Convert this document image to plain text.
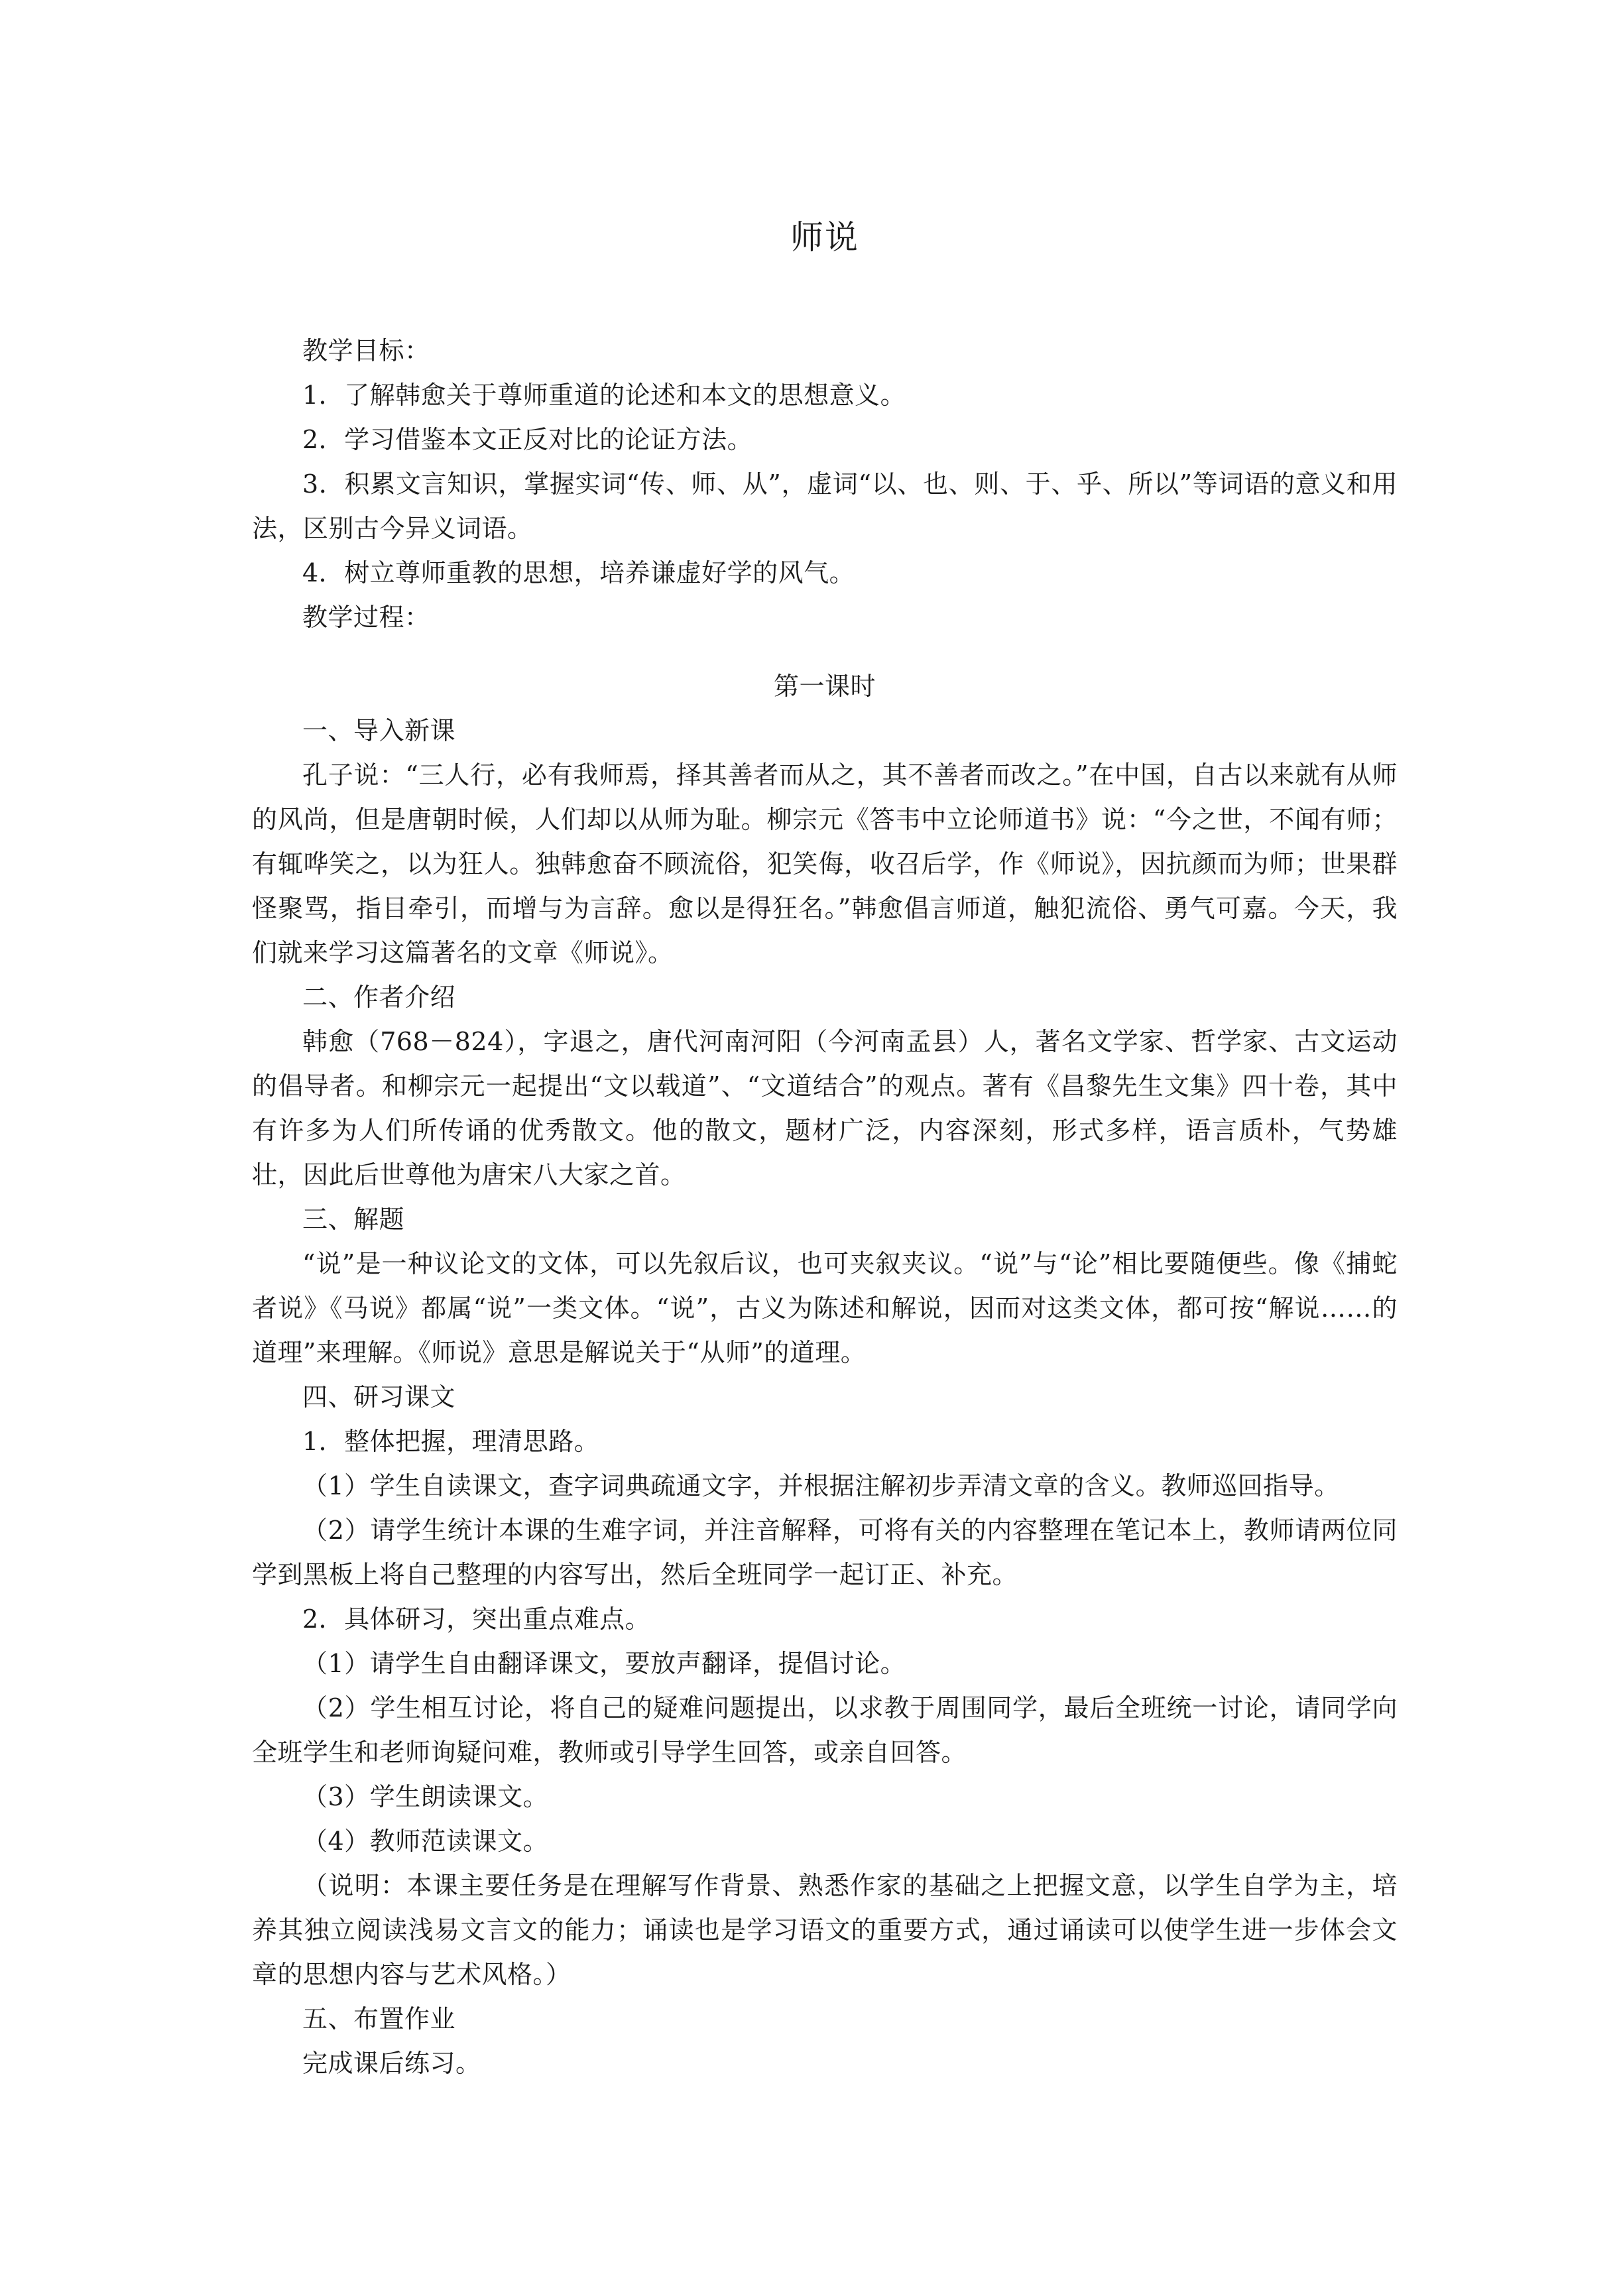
师说

教学目标：

1．了解韩愈关于尊师重道的论述和本文的思想意义。

2．学习借鉴本文正反对比的论证方法。

3．积累文言知识，掌握实词“传、师、从”，虚词“以、也、则、于、乎、所以”等词语的意义和用法，区别古今异义词语。

4．树立尊师重教的思想，培养谦虚好学的风气。

教学过程：

第一课时

一、导入新课

孔子说：“三人行，必有我师焉，择其善者而从之，其不善者而改之。”在中国，自古以来就有从师的风尚，但是唐朝时候，人们却以从师为耻。柳宗元《答韦中立论师道书》说：“今之世，不闻有师；有辄哗笑之，以为狂人。独韩愈奋不顾流俗，犯笑侮，收召后学，作《师说》，因抗颜而为师；世果群怪聚骂，指目牵引，而增与为言辞。愈以是得狂名。”韩愈倡言师道，触犯流俗、勇气可嘉。今天，我们就来学习这篇著名的文章《师说》。

二、作者介绍

韩愈（768－824），字退之，唐代河南河阳（今河南孟县）人，著名文学家、哲学家、古文运动的倡导者。和柳宗元一起提出“文以载道”、“文道结合”的观点。著有《昌黎先生文集》四十卷，其中有许多为人们所传诵的优秀散文。他的散文，题材广泛，内容深刻，形式多样，语言质朴，气势雄壮，因此后世尊他为唐宋八大家之首。

三、解题

“说”是一种议论文的文体，可以先叙后议，也可夹叙夹议。“说”与“论”相比要随便些。像《捕蛇者说》《马说》都属“说”一类文体。“说”，古义为陈述和解说，因而对这类文体，都可按“解说……的道理”来理解。《师说》意思是解说关于“从师”的道理。

四、研习课文

1．整体把握，理清思路。

（1）学生自读课文，查字词典疏通文字，并根据注解初步弄清文章的含义。教师巡回指导。

（2）请学生统计本课的生难字词，并注音解释，可将有关的内容整理在笔记本上，教师请两位同学到黑板上将自己整理的内容写出，然后全班同学一起订正、补充。

2．具体研习，突出重点难点。

（1）请学生自由翻译课文，要放声翻译，提倡讨论。

（2）学生相互讨论，将自己的疑难问题提出，以求教于周围同学，最后全班统一讨论，请同学向全班学生和老师询疑问难，教师或引导学生回答，或亲自回答。

（3）学生朗读课文。

（4）教师范读课文。

（说明：本课主要任务是在理解写作背景、熟悉作家的基础之上把握文意，以学生自学为主，培养其独立阅读浅易文言文的能力；诵读也是学习语文的重要方式，通过诵读可以使学生进一步体会文章的思想内容与艺术风格。）

五、布置作业

完成课后练习。
